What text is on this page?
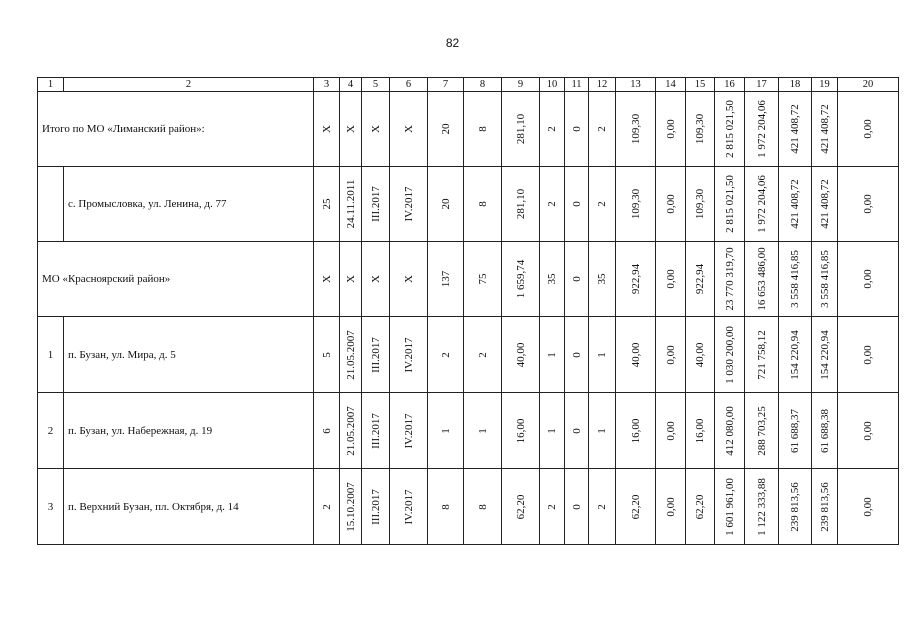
82
1	2	3	4	5	6	7	8	9	10	11	12	13	14	15	16	17	18	19	20
Итого по МО «Лиманский район»:		Х	Х	Х	Х	20	8	281,10	2	0	2	109,30	0,00	109,30	2 815 021,50	1 972 204,06	421 408,72	421 408,72	0,00

	с. Промысловка, ул. Ленина, д. 77	25	24.11.2011	III.2017	IV.2017	20	8	281,10	2	0	2	109,30	0,00	109,30	2 815 021,50	1 972 204,06	421 408,72	421 408,72	0,00

МО «Красноярский район»		Х	Х	Х	Х	137	75	1 659,74	35	0	35	922,94	0,00	922,94	23 770 319,70	16 653 486,00	3 558 416,85	3 558 416,85	0,00

1	п. Бузан, ул. Мира, д. 5	5	21.05.2007	III.2017	IV.2017	2	2	40,00	1	0	1	40,00	0,00	40,00	1 030 200,00	721 758,12	154 220,94	154 220,94	0,00

2	п. Бузан, ул. Набережная, д. 19	6	21.05.2007	III.2017	IV.2017	1	1	16,00	1	0	1	16,00	0,00	16,00	412 080,00	288 703,25	61 688,37	61 688,38	0,00

3	п. Верхний Бузан, пл. Октября, д. 14	2	15.10.2007	III.2017	IV.2017	8	8	62,20	2	0	2	62,20	0,00	62,20	1 601 961,00	1 122 333,88	239 813,56	239 813,56	0,00
